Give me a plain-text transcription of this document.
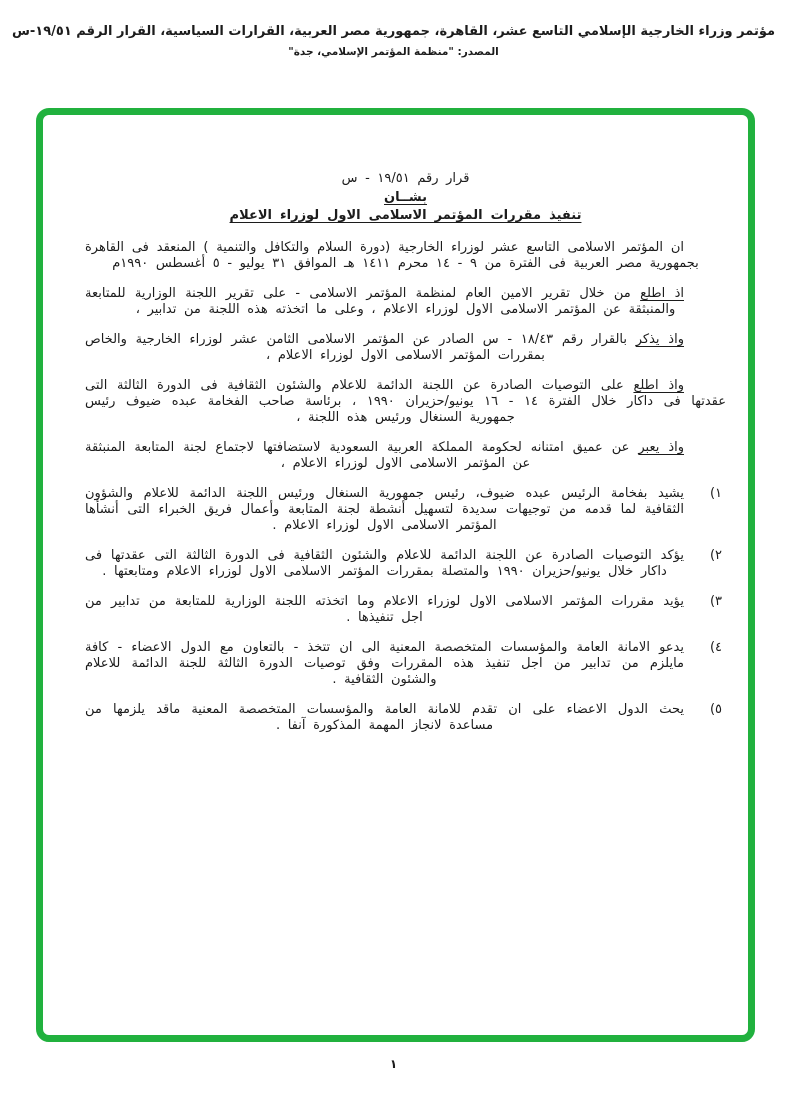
مؤتمر وزراء الخارجية الإسلامي التاسع عشر، القاهرة، جمهورية مصر العربية، القرارات السياسية، القرار الرقم ١٩/٥١-س
المصدر: "منظمة المؤتمر الإسلامي، جدة"
قرار رقم ١٩/٥١ - س
بشــان
تنفيذ مقررات المؤتمر الاسلامى الاول لوزراء الاعلام

ان المؤتمر الاسلامى التاسع عشر لوزراء الخارجية (دورة السلام والتكافل والتنمية ) المنعقد فى القاهرة بجمهورية مصر العربية فى الفترة من ٩ - ١٤ محرم ١٤١١ هـ الموافق ٣١ يوليو - ٥ أغسطس ١٩٩٠م

اذ اطلع من خلال تقرير الامين العام لمنظمة المؤتمر الاسلامى - على تقرير اللجنة الوزارية للمتابعة والمنبثقة عن المؤتمر الاسلامى الاول لوزراء الاعلام ، وعلى ما اتخذته هذه اللجنة من تدابير ،

واذ يذكر بالقرار رقم ١٨/٤٣ - س الصادر عن المؤتمر الاسلامى الثامن عشر لوزراء الخارجية والخاص بمقررات المؤتمر الاسلامى الاول لوزراء الاعلام ،

واذ اطلع على التوصيات الصادرة عن اللجنة الدائمة للاعلام والشئون الثقافية فى الدورة الثالثة التى عقدتها فى داكار خلال الفترة ١٤ - ١٦ يونيو/حزيران ١٩٩٠ ، برئاسة صاحب الفخامة عبده ضيوف رئيس جمهورية السنغال ورئيس هذه اللجنة ،

واذ يعبر عن عميق امتنانه لحكومة المملكة العربية السعودية لاستضافتها لاجتماع لجنة المتابعة المنبثقة عن المؤتمر الاسلامى الاول لوزراء الاعلام ،

١)
يشيد بفخامة الرئيس عبده ضيوف، رئيس جمهورية السنغال ورئيس اللجنة الدائمة للاعلام والشؤون الثقافية لما قدمه من توجيهات سديدة لتسهيل أنشطة لجنة المتابعة وأعمال فريق الخبراء التى أنشأها المؤتمر الاسلامى الاول لوزراء الاعلام .
٢)
يؤكد التوصيات الصادرة عن اللجنة الدائمة للاعلام والشئون الثقافية فى الدورة الثالثة التى عقدتها فى داكار خلال يونيو/حزيران ١٩٩٠ والمتصلة بمقررات المؤتمر الاسلامى الاول لوزراء الاعلام ومتابعتها .
٣)
يؤيد مقررات المؤتمر الاسلامى الاول لوزراء الاعلام وما اتخذته اللجنة الوزارية للمتابعة من تدابير من اجل تنفيذها .
٤)
يدعو الامانة العامة والمؤسسات المتخصصة المعنية الى ان تتخذ - بالتعاون مع الدول الاعضاء - كافة مايلزم من تدابير من اجل تنفيذ هذه المقررات وفق توصيات الدورة الثالثة للجنة الدائمة للاعلام والشئون الثقافية .
٥)
يحث الدول الاعضاء على ان تقدم للامانة العامة والمؤسسات المتخصصة المعنية ماقد يلزمها من مساعدة لانجاز المهمة المذكورة آنفا .
١
